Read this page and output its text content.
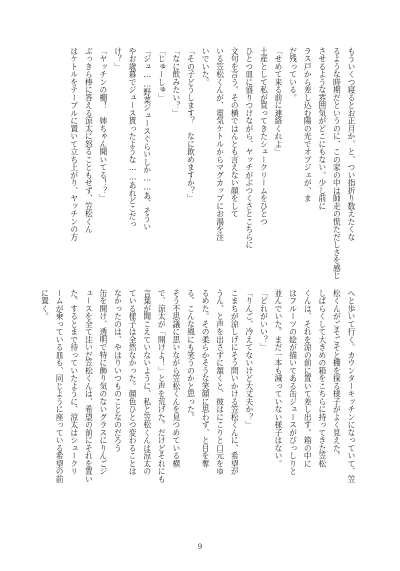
もういくつ寝るとお正月か、と、つい指折り数えたくな
るような時期だというのに、この家の中は師走の慌ただしさを感じ
させるような雰囲気がどこにもない。少し前に
ラス戸から差し込む陽の光でオブジェが、ま
だ残っている。
「せめて来る前に連絡くれよ」
土産として私が買ってきたシュークリームをひとつ
ひとつ皿に盛りつけながら、ヤッチがぶつくさとこちらに
文句を言う。その横ではんとも言えない顔をして
いる笠松くんが、電気ケトルからマグカップにお湯を注
いでいた。
「その子どうします？　なに飲めますか？」
「なに飲みたい？」
「じゅーしゅ」
「ジュ……野菜ジュースぐらいしか……あ、そうい
やお歳暮でジュース貰ったような……あれどこだっ
け？」
「ヤッチンの棚！　姉ちゃん聞いてる！？」
ぶっきら棒に答える涼太に怒ることもせず、笠松くん
はケトルをテーブルに置いて立ち上がり、ヤッチンの方
へと歩いて行く。カウンターキッチンになっていて、笠
松くんがごそごそと棚を探る様子がよく見えた。
しばらくして大きめの箱をこちらに持ってきた笠松
くんは、それを涼の前に置いて差し出す。箱の中に
はフルーツの絵が描いてある缶ジュースがびっしりと
並んでいた。まだ一本も減っていない様子はない。
「どれがいい？」
「りんご、冷えてないけど大丈夫か？」
こまちが涼しげにそう問いかける笠松くんに、希望が
うん、と声を出さずに頷くと、彼はにこりと口元をゆ
るめた。その柔らかそうな笑顔に思わず、と目を奪
る。こんな風にも笑うのかと思った。
そう不思議に思いながら笠松くんを見つめている横
で、涼太が「開けよ！」と声を荒げた。だけどそれにも
言葉が聞こえていないように、私と笠松くんは涼太の
ている様子は全然なかった。顔色ひとつ変わることは
なかったのは、やはりいつものことなのだろう
缶を開け、透明で特に飾り気のないグラスにりんごジ
ュースを全て注いだ笠松くんは、希望の前にそれを置い
た。するとまで待っていたように、涼太はシュークリ
ームが乗っている皿も、同じように座っている希望の前
に置く。
9
